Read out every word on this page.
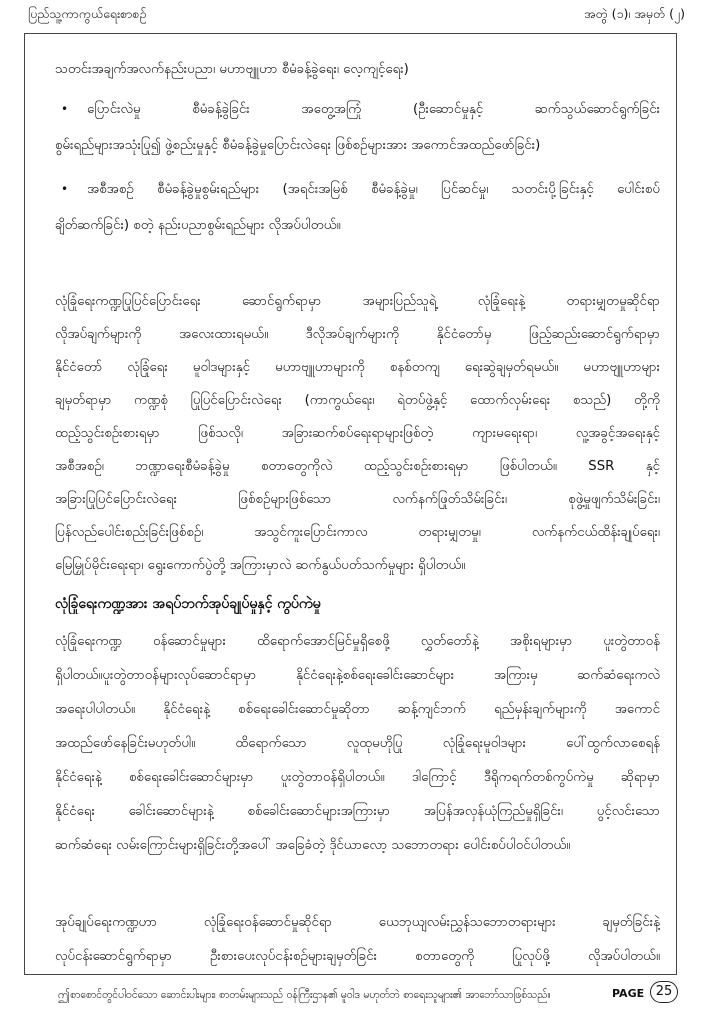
ပြည်သူ့ကာကွယ်ရေးစာစဥ်	အတွဲ (၁)၊ အမှတ် (၂)
သတင်းအချက်အလက်နည်းပညာ၊ မဟာဗျူဟာ စီမံခန့်ခွဲရေး၊ လေ့ကျင့်ရေး)
• ပြောင်းလဲမှု စီမံခန့်ခွဲခြင်း အတွေ့အကြုံ (ဦးဆောင်မှုနှင့် ဆက်သွယ်ဆောင်ရွက်ခြင်း
စွမ်းရည်များအသုံးပြု၍ ဖွဲ့စည်းမှုနှင့် စီမံခန့်ခွဲမှုပြောင်းလဲရေး ဖြစ်စဉ်များအား အကောင်အထည်ဖော်ခြင်း)
• အစီအစဉ် စီမံခန့်ခွဲမှုစွမ်းရည်များ (အရင်းအမြစ် စီမံခန့်ခွဲမှု၊ ပြင်ဆင်မှု၊ သတင်းပို့ခြင်းနှင့် ပေါင်းစပ်
ချိတ်ဆက်ခြင်း) စတဲ့ နည်းပညာစွမ်းရည်များ လိုအပ်ပါတယ်။
လုံခြုံရေးကဏ္ဍပြုပြင်ပြောင်းရေး ဆောင်ရွက်ရာမှာ အများပြည်သူရဲ့ လုံခြုံရေးနဲ့ တရားမျှတမှုဆိုင်ရာ
လိုအပ်ချက်များကို အလေးထားရမယ်။ ဒီလိုအပ်ချက်များကို နိုင်ငံတော်မှ ဖြည့်ဆည်းဆောင်ရွက်ရာမှာ
နိုင်ငံတော် လုံခြုံရေး မူဝါဒများနှင့် မဟာဗျူဟာများကို စနစ်တကျ ရေးဆွဲချမှတ်ရမယ်။ မဟာဗျူဟာများ
ချမှတ်ရာမှာ ကဏ္ဍစုံ ပြုပြင်ပြောင်းလဲရေး (ကာကွယ်ရေး၊ ရဲတပ်ဖွဲ့နှင့် ထောက်လှမ်းရေး စသည်) တို့ကို
ထည့်သွင်းစဉ်းစားရမှာ ဖြစ်သလို၊ အခြားဆက်စပ်ရေးရာများဖြစ်တဲ့ ကျားမရေးရာ၊ လူ့အခွင့်အရေးနှင့်
အစီအစဉ်၊ ဘဏ္ဍာရေးစီမံခန့်ခွဲမှု စတာတွေကိုလဲ ထည့်သွင်းစဉ်းစားရမှာ ဖြစ်ပါတယ်။ SSR နှင့်
အခြားပြုပြင်ပြောင်းလဲရေး ဖြစ်စဉ်များဖြစ်သော လက်နက်ဖြုတ်သိမ်းခြင်း၊ စုဖွဲ့မှုဖျက်သိမ်းခြင်း၊
ပြန်လည်ပေါင်းစည်းခြင်းဖြစ်စဉ်၊ အသွင်ကူးပြောင်းကာလ တရားမျှတမှု၊ လက်နက်ငယ်ထိန်းချုပ်ရေး၊
မြေမြှုပ်မိုင်းရေးရာ၊ ရွေးကောက်ပွဲတို့ အကြားမှာလဲ ဆက်နွယ်ပတ်သက်မှုများ ရှိပါတယ်။
လုံခြုံရေးကဏ္ဍအား အရပ်ဘက်အုပ်ချုပ်မှုနှင့် ကွပ်ကဲမှု
လုံခြုံရေးကဏ္ဍ ဝန်ဆောင်မှုများ ထိရောက်အောင်မြင်မှုရှိစေဖို့ လွှတ်တော်နဲ့ အစိုးရများမှာ ပူးတွဲတာဝန်
ရှိပါတယ်။ပူးတွဲတာဝန်များလုပ်ဆောင်ရာမှာ နိုင်ငံရေးနဲ့စစ်ရေးခေါင်းဆောင်များ အကြားမှ ဆက်ဆံရေးကလဲ
အရေးပါပါတယ်။ နိုင်ငံရေးနဲ့ စစ်ရေးခေါင်းဆောင်မှုဆိုတာ ဆန့်ကျင်ဘက် ရည်မှန်းချက်များကို အကောင်
အထည်ဖော်နေခြင်းမဟုတ်ပါ။ ထိရောက်သော လူထုမဟိုပြု လုံခြုံရေးမူဝါဒများ ပေါ်ထွက်လာစေရန်
နိုင်ငံရေးနဲ့ စစ်ရေးခေါင်းဆောင်များမှာ ပူးတွဲတာဝန်ရှိပါတယ်။ ဒါကြောင့် ဒီရိုကရက်တစ်ကွပ်ကဲမှု ဆိုရာမှာ
နိုင်ငံရေး ခေါင်းဆောင်များနဲ့ စစ်ခေါင်းဆောင်များအကြားမှာ အပြန်အလှန်ယုံကြည်မှုရှိခြင်း၊ ပွင့်လင်းသော
ဆက်ဆံရေး လမ်းကြောင်းများရှိခြင်းတို့အပေါ် အခြေခံတဲ့ ဒိုင်ယာလော့ သဘောတရား ပေါင်းစပ်ပါဝင်ပါတယ်။
အုပ်ချုပ်ရေးကဏ္ဍဟာ လုံခြုံရေးဝန်ဆောင်မှုဆိုင်ရာ ယေဘုယျလမ်းညွှန်သဘောတရားများ ချမှတ်ခြင်းနဲ့
လုပ်ငန်းဆောင်ရွက်ရာမှာ ဦးစားပေးလုပ်ငန်းစဉ်များချမှတ်ခြင်း စတာတွေကို ပြုလုပ်ဖို့ လိုအပ်ပါတယ်။
ဤစာစောင်တွင်ပါဝင်သော ဆောင်းပါးများ၊ စာတမ်းများသည် ဝန်ကြီးဌာန၏ မူဝါဒ မဟုတ်ဘဲ စာရေးသူများ၏ အာဘော်သာဖြစ်သည်။	PAGE 25
